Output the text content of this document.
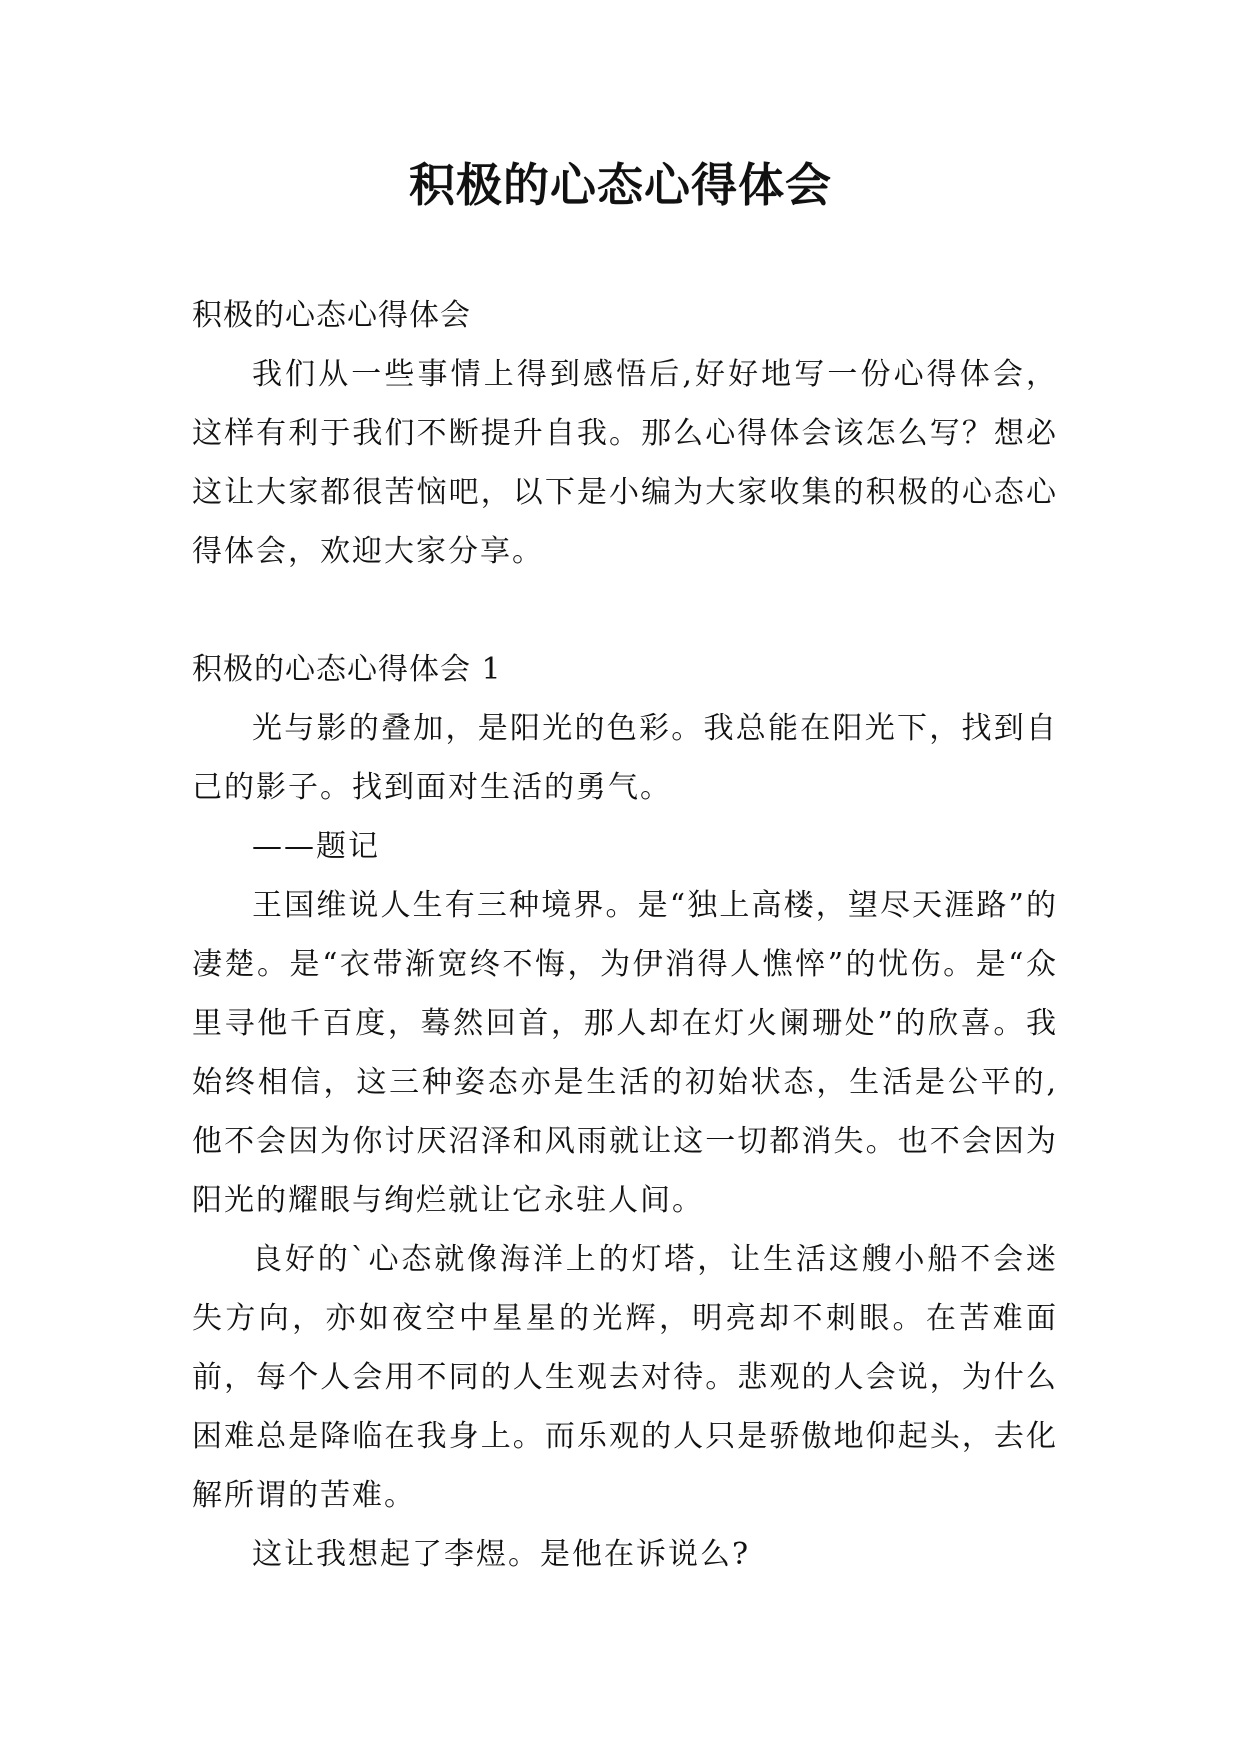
积极的心态心得体会

积极的心态心得体会

我们从一些事情上得到感悟后,好好地写一份心得体会，这样有利于我们不断提升自我。那么心得体会该怎么写？想必这让大家都很苦恼吧，以下是小编为大家收集的积极的心态心得体会，欢迎大家分享。

积极的心态心得体会 1

光与影的叠加，是阳光的色彩。我总能在阳光下，找到自己的影子。找到面对生活的勇气。

——题记

王国维说人生有三种境界。是“独上高楼，望尽天涯路”的凄楚。是“衣带渐宽终不悔，为伊消得人憔悴”的忧伤。是“众里寻他千百度，蓦然回首，那人却在灯火阑珊处”的欣喜。我始终相信，这三种姿态亦是生活的初始状态，生活是公平的,他不会因为你讨厌沼泽和风雨就让这一切都消失。也不会因为阳光的耀眼与绚烂就让它永驻人间。

良好的`心态就像海洋上的灯塔，让生活这艘小船不会迷失方向，亦如夜空中星星的光辉，明亮却不刺眼。在苦难面前，每个人会用不同的人生观去对待。悲观的人会说，为什么困难总是降临在我身上。而乐观的人只是骄傲地仰起头，去化解所谓的苦难。

这让我想起了李煜。是他在诉说么?
